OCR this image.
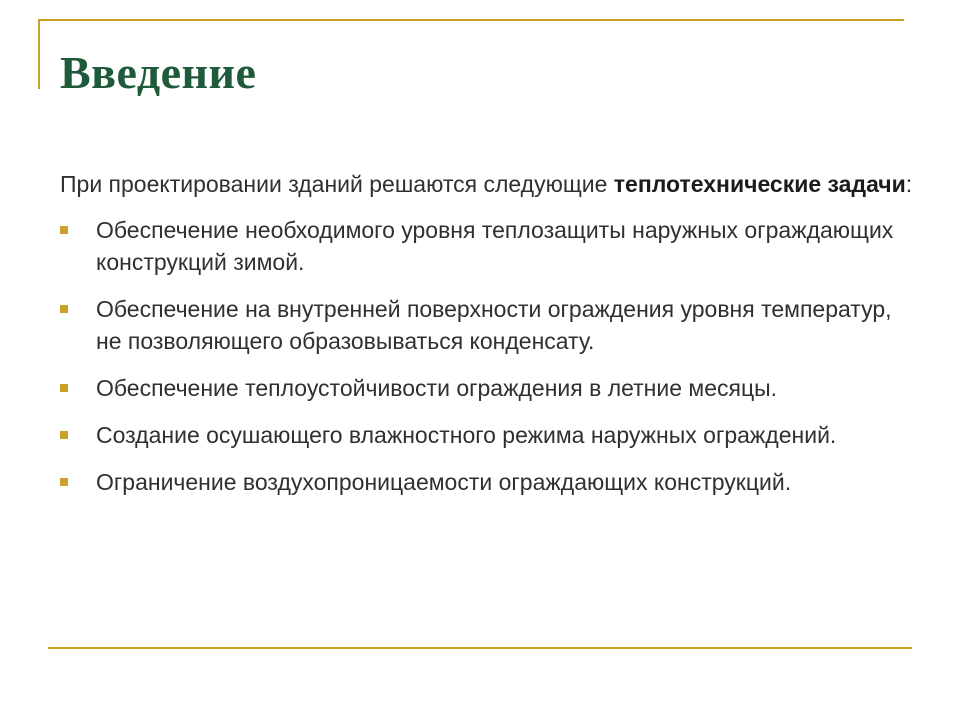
Введение

При проектировании зданий решаются следующие теплотехнические задачи:

Обеспечение необходимого уровня теплозащиты наружных ограждающих конструкций зимой.
Обеспечение на внутренней поверхности ограждения уровня температур, не позволяющего образовываться конденсату.
Обеспечение теплоустойчивости ограждения в летние месяцы.
Создание осушающего влажностного режима наружных ограждений.
Ограничение воздухопроницаемости ограждающих конструкций.
